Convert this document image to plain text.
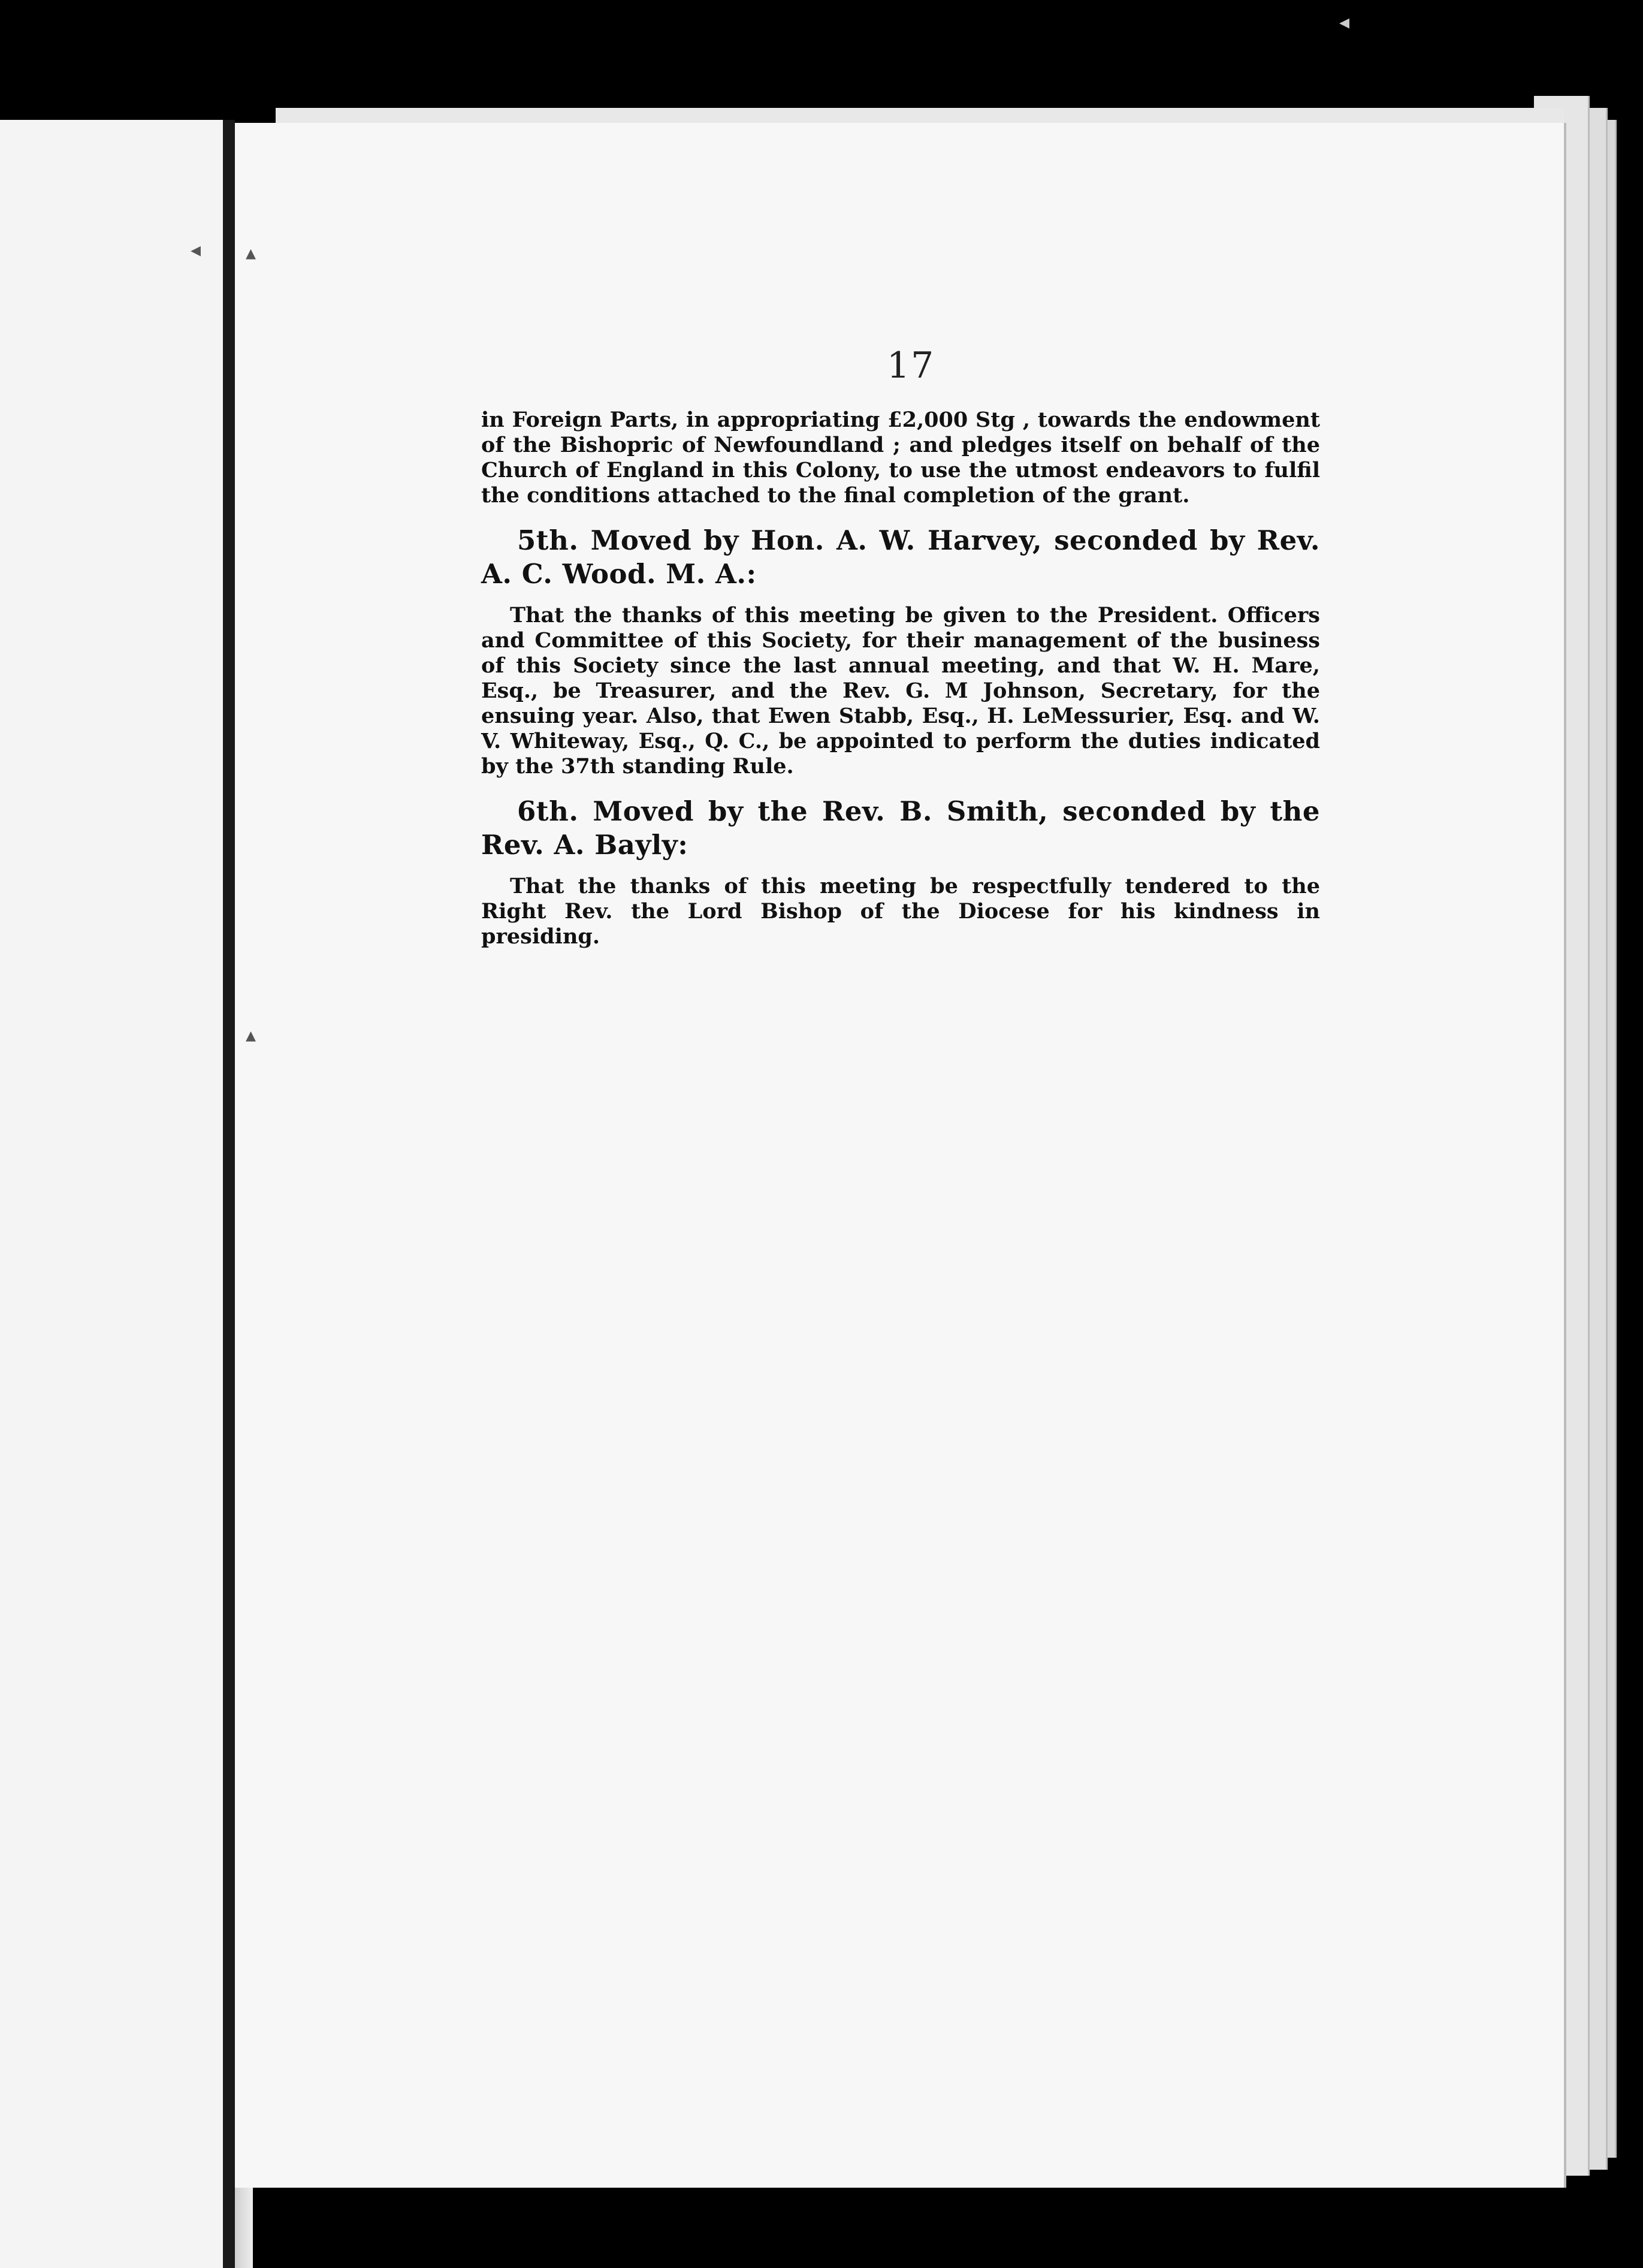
17

in Foreign Parts, in appropriating £2,000 Stg , towards the endowment of the Bishopric of Newfoundland ; and pledges itself on behalf of the Church of England in this Colony, to use the utmost endeavors to fulfil the conditions attached to the final completion of the grant.

5th. Moved by Hon. A. W. Harvey, seconded by Rev. A. C. Wood. M. A.:

That the thanks of this meeting be given to the President. Officers and Committee of this Society, for their management of the business of this Society since the last annual meeting, and that W. H. Mare, Esq., be Treasurer, and the Rev. G. M Johnson, Secretary, for the ensuing year. Also, that Ewen Stabb, Esq., H. LeMessurier, Esq. and W. V. Whiteway, Esq., Q. C., be appointed to perform the duties indicated by the 37th standing Rule.

6th. Moved by the Rev. B. Smith, seconded by the Rev. A. Bayly:

That the thanks of this meeting be respectfully tendered to the Right Rev. the Lord Bishop of the Diocese for his kindness in presiding.

◂ ▴
▴
◂
